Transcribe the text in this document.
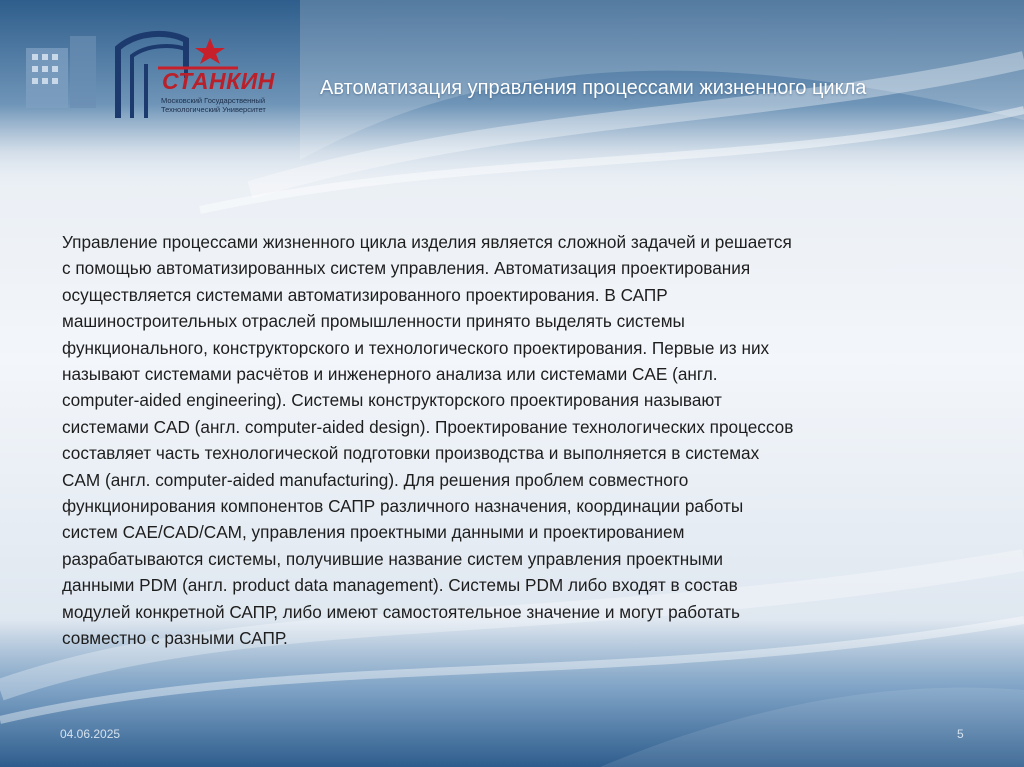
СТАНКИН
Московский Государственный
Технологический Университет
Автоматизация управления процессами жизненного цикла

Управление процессами жизненного цикла изделия является сложной задачей и решается
с помощью автоматизированных систем управления. Автоматизация проектирования
осуществляется системами автоматизированного проектирования. В САПР
машиностроительных отраслей промышленности принято выделять системы
функционального, конструкторского и технологического проектирования. Первые из них
называют системами расчётов и инженерного анализа или системами CAE (англ.
computer-aided engineering). Системы конструкторского проектирования называют
системами CAD (англ. computer-aided design). Проектирование технологических процессов
составляет часть технологической подготовки производства и выполняется в системах
CAM (англ. computer-aided manufacturing). Для решения проблем совместного
функционирования компонентов САПР различного назначения, координации работы
систем CAE/CAD/CAM, управления проектными данными и проектированием
разрабатываются системы, получившие название систем управления проектными
данными PDM (англ. product data management). Системы PDM либо входят в состав
модулей конкретной САПР, либо имеют самостоятельное значение и могут работать
совместно с разными САПР.

04.06.2025	5
